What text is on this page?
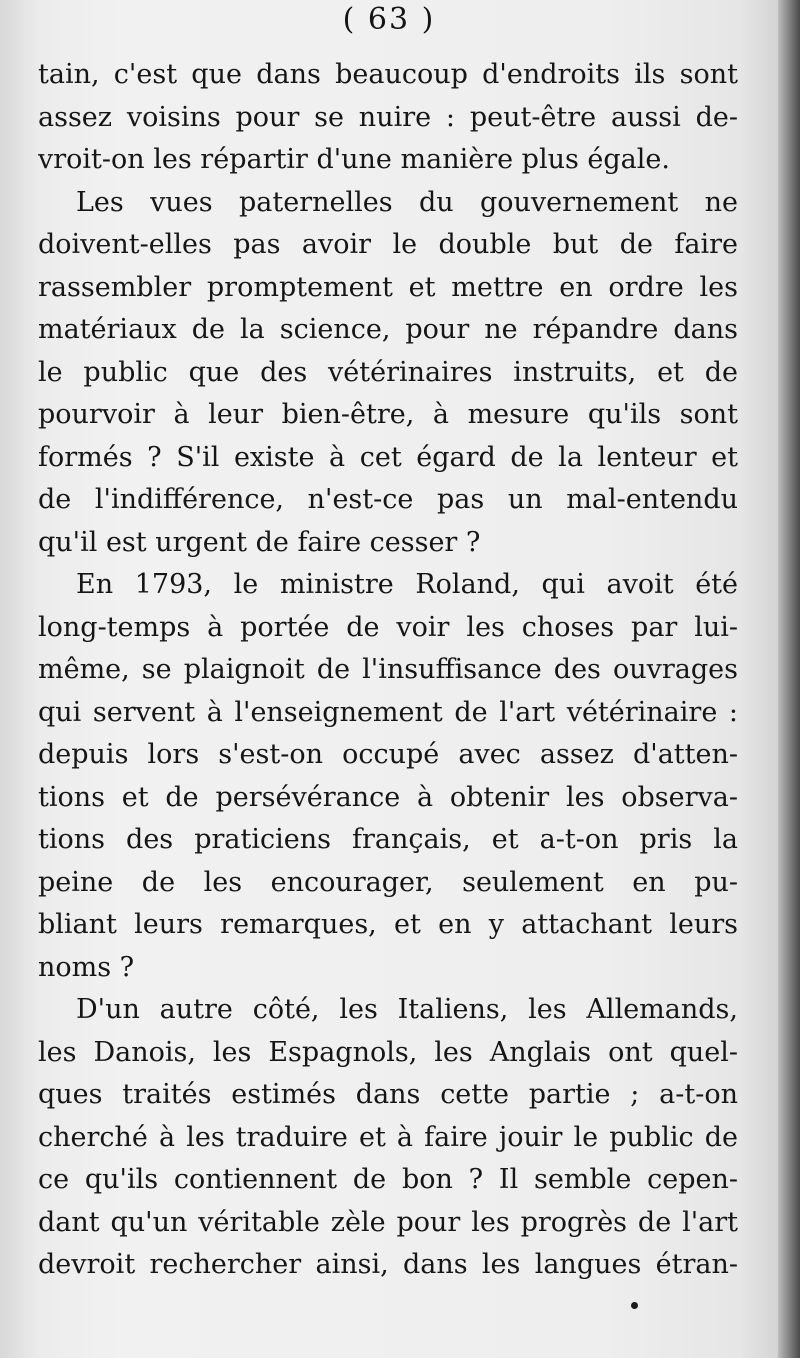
( 63 )
tain, c'est que dans beaucoup d'endroits ils sont
assez voisins pour se nuire : peut-être aussi de-
vroit-on les répartir d'une manière plus égale.
Les vues paternelles du gouvernement ne
doivent-elles pas avoir le double but de faire
rassembler promptement et mettre en ordre les
matériaux de la science, pour ne répandre dans
le public que des vétérinaires instruits, et de
pourvoir à leur bien-être, à mesure qu'ils sont
formés ? S'il existe à cet égard de la lenteur et
de l'indifférence, n'est-ce pas un mal-entendu
qu'il est urgent de faire cesser ?
En 1793, le ministre Roland, qui avoit été
long-temps à portée de voir les choses par lui-
même, se plaignoit de l'insuffisance des ouvrages
qui servent à l'enseignement de l'art vétérinaire :
depuis lors s'est-on occupé avec assez d'atten-
tions et de persévérance à obtenir les observa-
tions des praticiens français, et a-t-on pris la
peine de les encourager, seulement en pu-
bliant leurs remarques, et en y attachant leurs
noms ?
D'un autre côté, les Italiens, les Allemands,
les Danois, les Espagnols, les Anglais ont quel-
ques traités estimés dans cette partie ; a-t-on
cherché à les traduire et à faire jouir le public de
ce qu'ils contiennent de bon ? Il semble cepen-
dant qu'un véritable zèle pour les progrès de l'art
devroit rechercher ainsi, dans les langues étran-
